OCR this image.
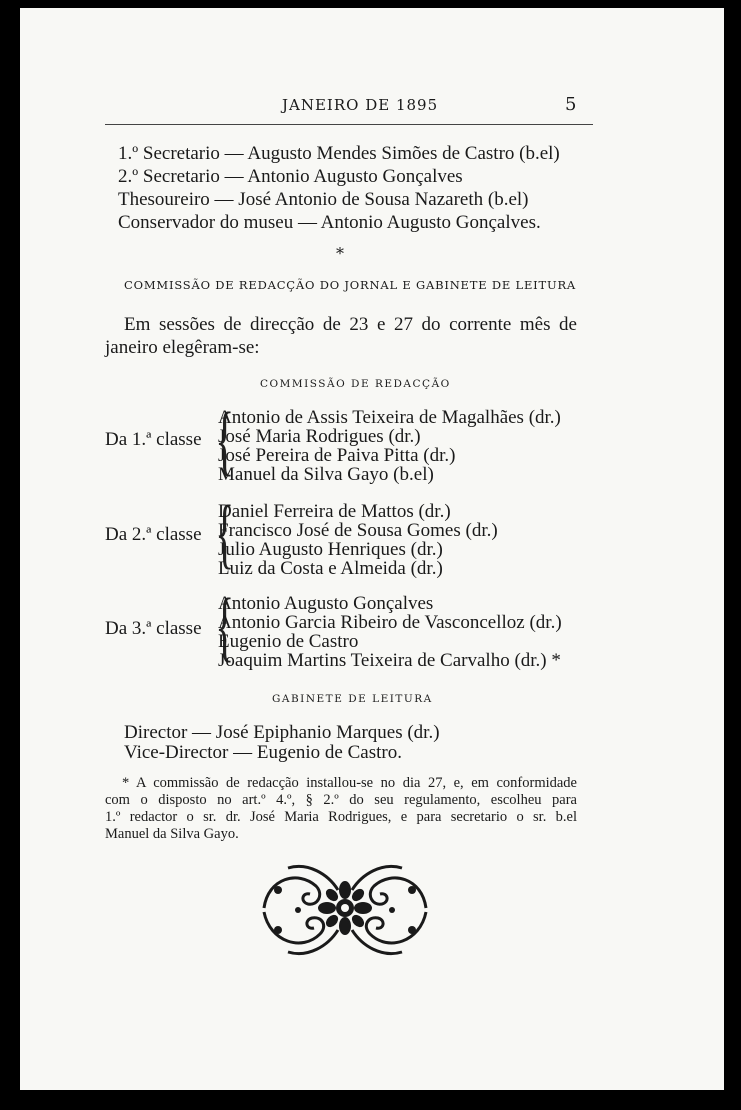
JANEIRO DE 1895	5
1.º Secretario — Augusto Mendes Simões de Castro (b.el)
2.º Secretario — Antonio Augusto Gonçalves
Thesoureiro — José Antonio de Sousa Nazareth (b.el)
Conservador do museu — Antonio Augusto Gonçalves.
*
COMMISSÃO DE REDACÇÃO DO JORNAL E GABINETE DE LEITURA
Em sessões de direcção de 23 e 27 do corrente mês de
janeiro elegêram-se:
COMMISSÃO DE REDACÇÃO
Da 1.ª classe {
Antonio de Assis Teixeira de Magalhães (dr.)
José Maria Rodrigues (dr.)
José Pereira de Paiva Pitta (dr.)
Manuel da Silva Gayo (b.el)
Da 2.ª classe {
Daniel Ferreira de Mattos (dr.)
Francisco José de Sousa Gomes (dr.)
Julio Augusto Henriques (dr.)
Luiz da Costa e Almeida (dr.)
Da 3.ª classe {
Antonio Augusto Gonçalves
Antonio Garcia Ribeiro de Vasconcelloz (dr.)
Eugenio de Castro
Joaquim Martins Teixeira de Carvalho (dr.) *
GABINETE DE LEITURA
Director — José Epiphanio Marques (dr.)
Vice-Director — Eugenio de Castro.
* A commissão de redacção installou-se no dia 27, e, em conformidade
com o disposto no art.º 4.º, § 2.º do seu regulamento, escolheu para
1.º redactor o sr. dr. José Maria Rodrigues, e para secretario o sr. b.el
Manuel da Silva Gayo.
